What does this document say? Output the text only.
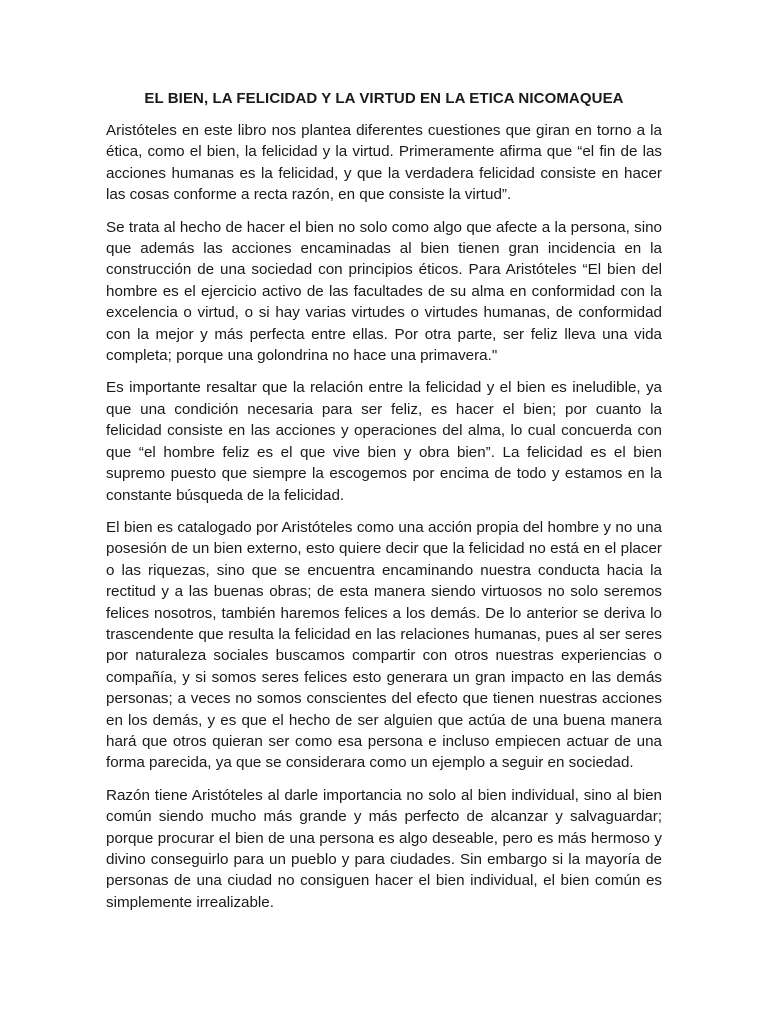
EL BIEN, LA FELICIDAD Y LA VIRTUD EN LA ETICA NICOMAQUEA

Aristóteles en este libro nos plantea diferentes cuestiones que giran en torno a la ética, como el bien, la felicidad y la virtud. Primeramente afirma que “el fin de las acciones humanas es la felicidad, y que la verdadera felicidad consiste en hacer las cosas conforme a recta razón, en que consiste la virtud”.

Se trata al hecho de hacer el bien no solo como algo que afecte a la persona, sino que además las acciones encaminadas al bien tienen gran incidencia en la construcción de una sociedad con principios éticos. Para Aristóteles “El bien del hombre es el ejercicio activo de las facultades de su alma en conformidad con la excelencia o virtud, o si hay varias virtudes o virtudes humanas, de conformidad con la mejor y más perfecta entre ellas. Por otra parte, ser feliz lleva una vida completa; porque una golondrina no hace una primavera."

Es importante resaltar que la relación entre la felicidad y el bien es ineludible, ya que una condición necesaria para ser feliz, es hacer el bien; por cuanto la felicidad consiste en las acciones y operaciones del alma, lo cual concuerda con que “el hombre feliz es el que vive bien y obra bien”. La felicidad es el bien supremo puesto que siempre la escogemos por encima de todo y estamos en la constante búsqueda de la felicidad.

El bien es catalogado por Aristóteles como una acción propia del hombre y no una posesión de un bien externo, esto quiere decir que la felicidad no está en el placer o las riquezas, sino que se encuentra encaminando nuestra conducta hacia la rectitud y a las buenas obras; de esta manera siendo virtuosos no solo seremos felices nosotros, también haremos felices a los demás. De lo anterior se deriva lo trascendente que resulta la felicidad en las relaciones humanas, pues al ser seres por naturaleza sociales buscamos compartir con otros nuestras experiencias o compañía, y si somos seres felices esto generara un gran impacto en las demás personas; a veces no somos conscientes del efecto que tienen nuestras acciones en los demás, y es que el hecho de ser alguien que actúa de una buena manera hará que otros quieran ser como esa persona e incluso empiecen actuar de una forma parecida, ya que se considerara como un ejemplo a seguir en sociedad.

Razón tiene Aristóteles al darle importancia no solo al bien individual, sino al bien común siendo mucho más grande y más perfecto de alcanzar y salvaguardar; porque procurar el bien de una persona es algo deseable, pero es más hermoso y divino conseguirlo para un pueblo y para ciudades. Sin embargo si la mayoría de personas de una ciudad no consiguen hacer el bien individual, el bien común es simplemente irrealizable.
